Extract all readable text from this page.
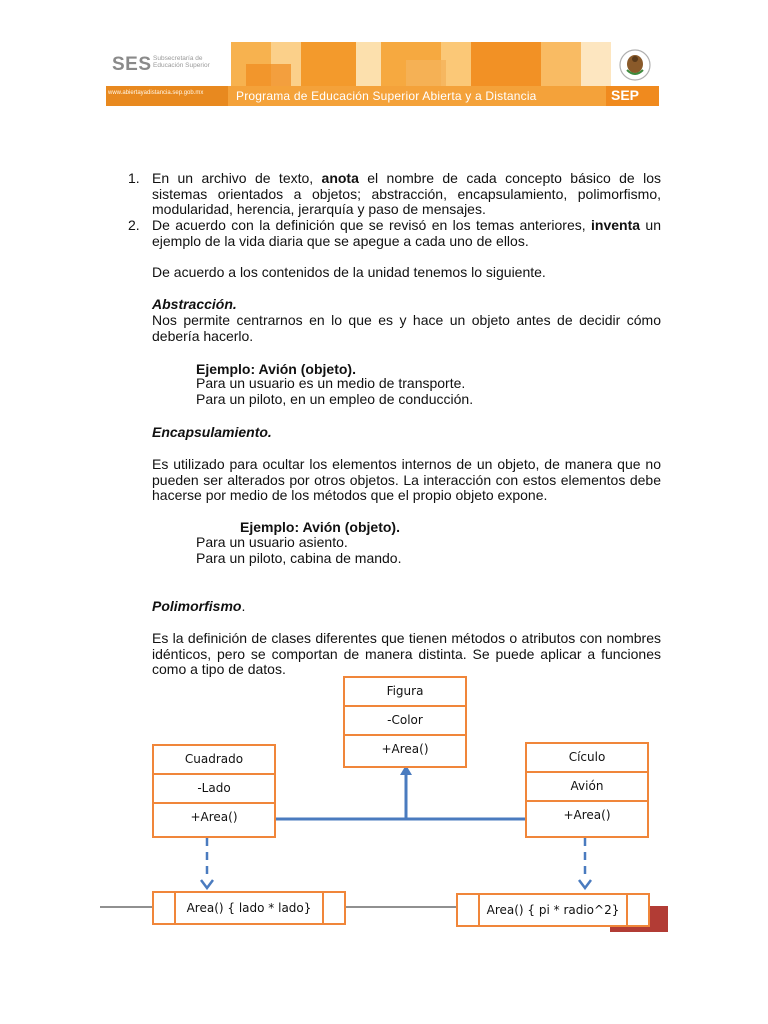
SES Subsecretaría de Educación Superior
www.abiertayadistancia.sep.gob.mx	Programa de Educación Superior Abierta y a Distancia	SEP
1. En un archivo de texto, anota el nombre de cada concepto básico de los sistemas orientados a objetos; abstracción, encapsulamiento, polimorfismo, modularidad, herencia, jerarquía y paso de mensajes.
2. De acuerdo con la definición que se revisó en los temas anteriores, inventa un ejemplo de la vida diaria que se apegue a cada uno de ellos.
De acuerdo a los contenidos de la unidad tenemos lo siguiente.
Abstracción.
Nos permite centrarnos en lo que es y hace un objeto antes de decidir cómo debería hacerlo.
Ejemplo: Avión (objeto).
Para un usuario es un medio de transporte.
Para un piloto, en un empleo de conducción.
Encapsulamiento.
Es utilizado para ocultar los elementos internos de un objeto, de manera que no pueden ser alterados por otros objetos. La interacción con estos elementos debe hacerse por medio de los métodos que el propio objeto expone.
Ejemplo: Avión (objeto).
Para un usuario asiento.
Para un piloto, cabina de mando.
Polimorfismo.
Es la definición de clases diferentes que tienen métodos o atributos con nombres idénticos, pero se comportan de manera distinta. Se puede aplicar a funciones como a tipo de datos.
Figura
-Color
+Area()
Cuadrado
-Lado
+Area()
Cículo
Avión
+Area()
Area() { lado * lado}	Area() { pi * radio^2}
